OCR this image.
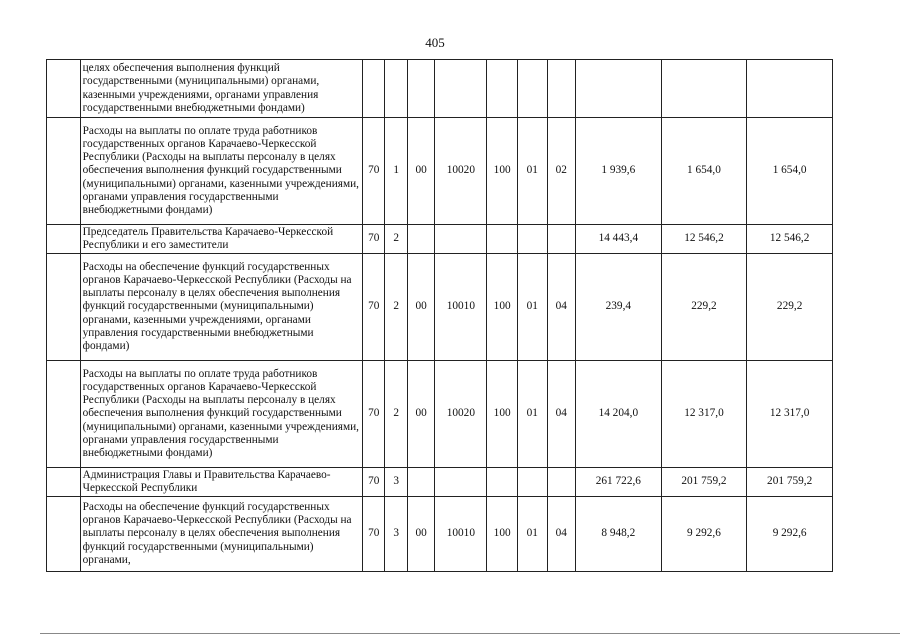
405
	целях обеспечения выполнения функций государственными (муниципальными) органами, казенными учреждениями, органами управления государственными внебюджетными фондами)										
	Расходы на выплаты по оплате труда работников государственных органов Карачаево-Черкесской Республики (Расходы на выплаты персоналу в целях обеспечения выполнения функций государственными (муниципальными) органами, казенными учреждениями, органами управления государственными внебюджетными фондами)	70	1	00	10020	100	01	02	1 939,6	1 654,0	1 654,0
	Председатель Правительства Карачаево-Черкесской Республики и его заместители	70	2						14 443,4	12 546,2	12 546,2
	Расходы на обеспечение функций государственных органов Карачаево-Черкесской Республики (Расходы на выплаты персоналу в целях обеспечения выполнения функций государственными (муниципальными) органами, казенными учреждениями, органами управления государственными внебюджетными фондами)	70	2	00	10010	100	01	04	239,4	229,2	229,2
	Расходы на выплаты по оплате труда работников государственных органов Карачаево-Черкесской Республики (Расходы на выплаты персоналу в целях обеспечения выполнения функций государственными (муниципальными) органами, казенными учреждениями, органами управления государственными внебюджетными фондами)	70	2	00	10020	100	01	04	14 204,0	12 317,0	12 317,0
	Администрация Главы и Правительства Карачаево-Черкесской Республики	70	3						261 722,6	201 759,2	201 759,2
	Расходы на обеспечение функций государственных органов Карачаево-Черкесской Республики (Расходы на выплаты персоналу в целях обеспечения выполнения функций государственными (муниципальными) органами,	70	3	00	10010	100	01	04	8 948,2	9 292,6	9 292,6
